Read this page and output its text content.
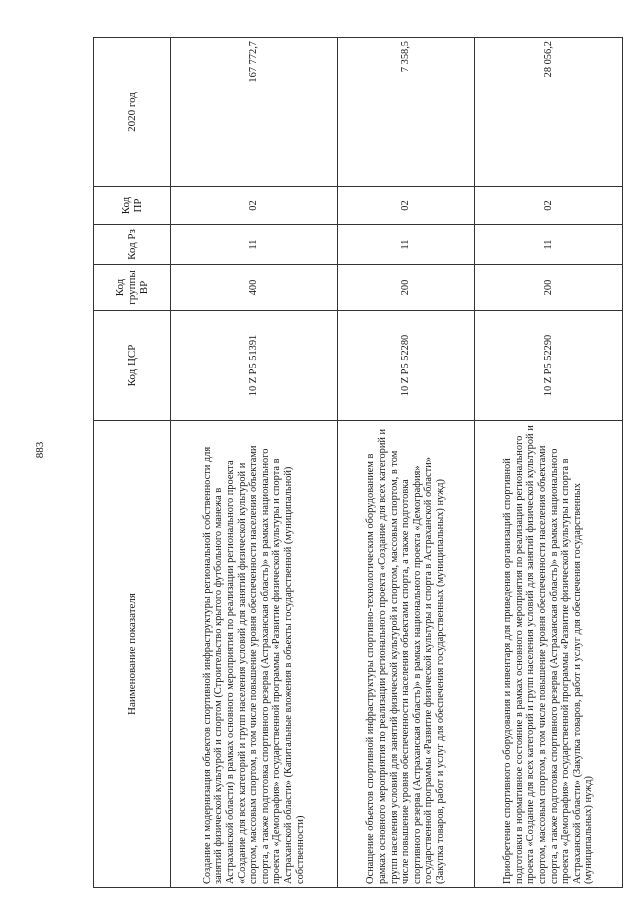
883
Наименование показателя	Код ЦСР	Код группы ВР	Код Рз	Код ПР	2020 год
Создание и модернизация объектов спортивной инфраструктуры региональной собственности для занятий физической культурой и спортом (Строительство крытого футбольного манежа в Астраханской области) в рамках основного мероприятия по реализации регионального проекта «Создание для всех категорий и групп населения условий для занятий физической культурой и спортом, массовым спортом, в том числе повышение уровня обеспеченности населения объектами спорта, а также подготовка спортивного резерва (Астраханская область)» в рамках национального проекта «Демография» государственной программы «Развитие физической культуры и спорта в Астраханской области» (Капитальные вложения в объекты государственной (муниципальной) собственности)	10 Z P5 51391	400	11	02	167 772,7
Оснащение объектов спортивной инфраструктуры спортивно-технологическим оборудованием в рамках основного мероприятия по реализации регионального проекта «Создание для всех категорий и групп населения условий для занятий физической культурой и спортом, массовым спортом, в том числе повышение уровня обеспеченности населения объектами спорта, а также подготовка спортивного резерва (Астраханская область)» в рамках национального проекта «Демография» государственной программы «Развитие физической культуры и спорта в Астраханской области» (Закупка товаров, работ и услуг для обеспечения государственных (муниципальных) нужд)	10 Z P5 52280	200	11	02	7 358,5
Приобретение спортивного оборудования и инвентаря для приведения организаций спортивной подготовки в нормативное состояние в рамках основного мероприятия по реализации регионального проекта «Создание для всех категорий и групп населения условий для занятий физической культурой и спортом, массовым спортом, в том числе повышение уровня обеспеченности населения объектами спорта, а также подготовка спортивного резерва (Астраханская область)» в рамках национального проекта «Демография» государственной программы «Развитие физической культуры и спорта в Астраханской области» (Закупка товаров, работ и услуг для обеспечения государственных (муниципальных) нужд)	10 Z P5 52290	200	11	02	28 056,2
